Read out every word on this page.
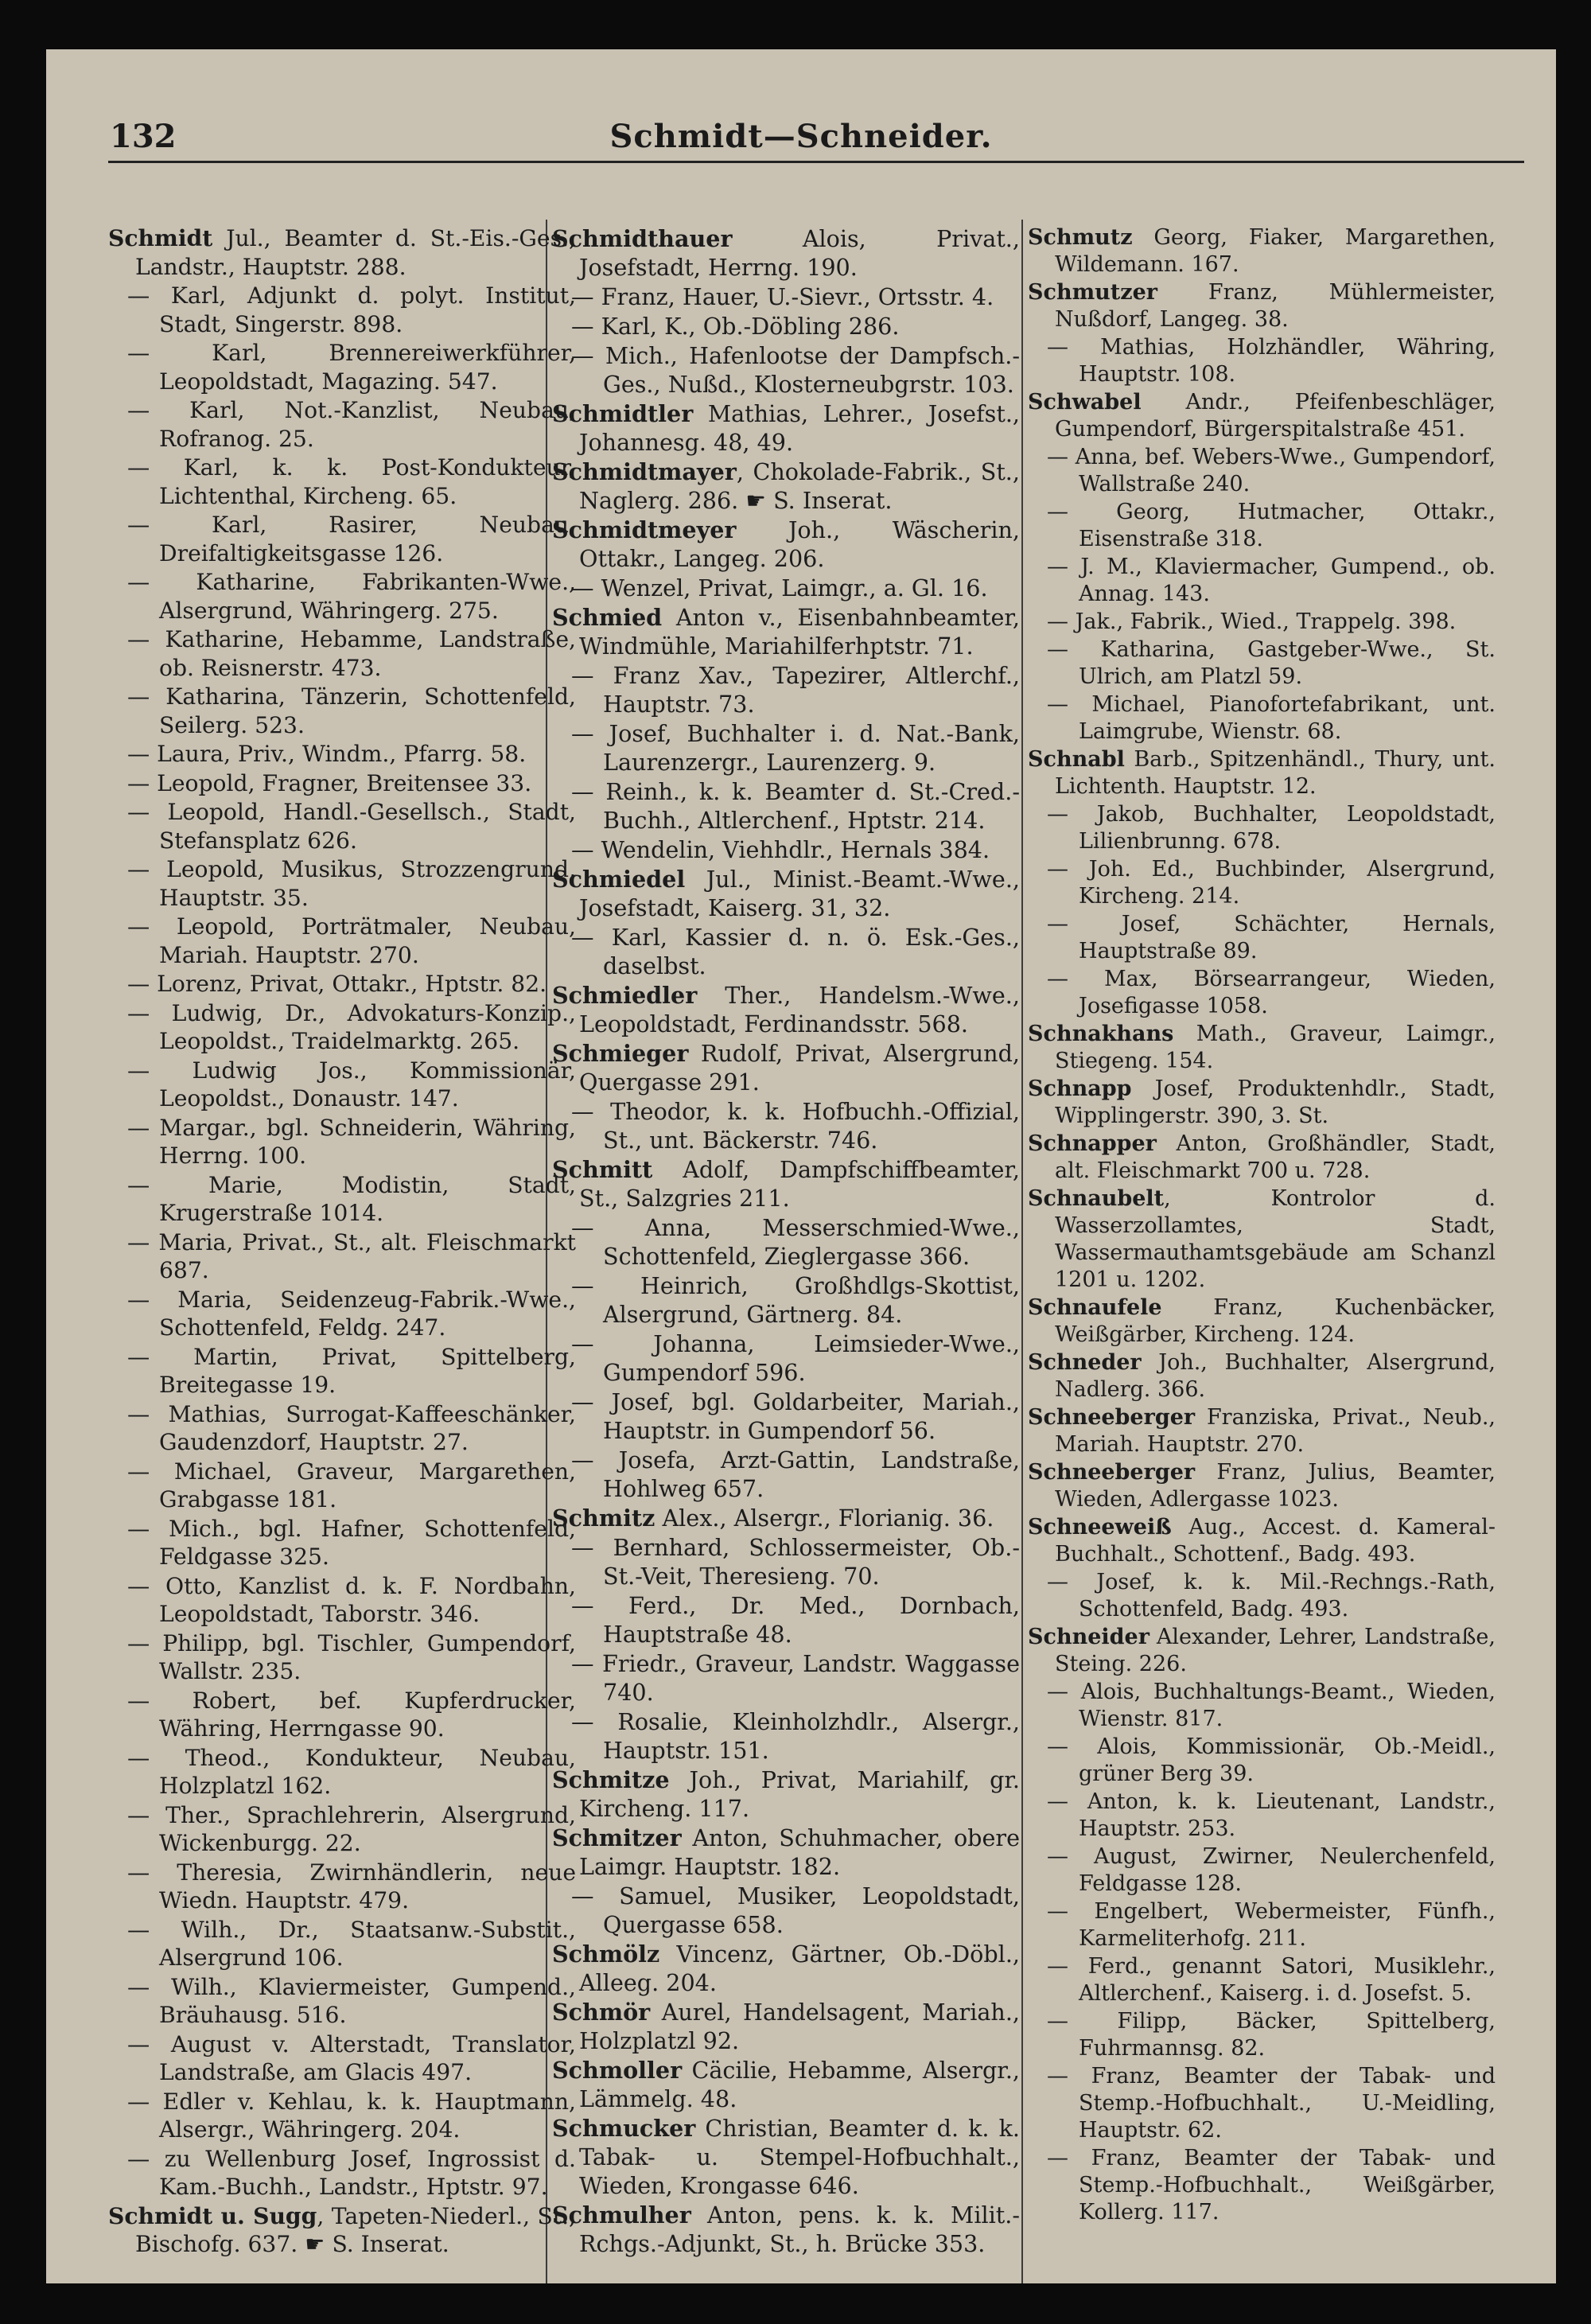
132	Schmidt—Schneider.

Schmidt Jul., Beamter d. St.-Eis.-Ges., Landstr., Hauptstr. 288.

— Karl, Adjunkt d. polyt. Institut, Stadt, Singerstr. 898.

— Karl, Brennereiwerkführer, Leopoldstadt, Magazing. 547.

— Karl, Not.-Kanzlist, Neubau, Rofranog. 25.

— Karl, k. k. Post-Kondukteur, Lichtenthal, Kircheng. 65.

— Karl, Rasirer, Neubau, Dreifaltigkeitsgasse 126.

— Katharine, Fabrikanten-Wwe., Alsergrund, Währingerg. 275.

— Katharine, Hebamme, Landstraße, ob. Reisnerstr. 473.

— Katharina, Tänzerin, Schottenfeld, Seilerg. 523.

— Laura, Priv., Windm., Pfarrg. 58.

— Leopold, Fragner, Breitensee 33.

— Leopold, Handl.-Gesellsch., Stadt, Stefansplatz 626.

— Leopold, Musikus, Strozzengrund, Hauptstr. 35.

— Leopold, Porträtmaler, Neubau, Mariah. Hauptstr. 270.

— Lorenz, Privat, Ottakr., Hptstr. 82.

— Ludwig, Dr., Advokaturs-Konzip., Leopoldst., Traidelmarktg. 265.

— Ludwig Jos., Kommissionär, Leopoldst., Donaustr. 147.

— Margar., bgl. Schneiderin, Währing, Herrng. 100.

— Marie, Modistin, Stadt, Krugerstraße 1014.

— Maria, Privat., St., alt. Fleischmarkt 687.

— Maria, Seidenzeug-Fabrik.-Wwe., Schottenfeld, Feldg. 247.

— Martin, Privat, Spittelberg, Breitegasse 19.

— Mathias, Surrogat-Kaffeeschänker, Gaudenzdorf, Hauptstr. 27.

— Michael, Graveur, Margarethen, Grabgasse 181.

— Mich., bgl. Hafner, Schottenfeld, Feldgasse 325.

— Otto, Kanzlist d. k. F. Nordbahn, Leopoldstadt, Taborstr. 346.

— Philipp, bgl. Tischler, Gumpendorf, Wallstr. 235.

— Robert, bef. Kupferdrucker, Währing, Herrngasse 90.

— Theod., Kondukteur, Neubau, Holzplatzl 162.

— Ther., Sprachlehrerin, Alsergrund, Wickenburgg. 22.

— Theresia, Zwirnhändlerin, neue Wiedn. Hauptstr. 479.

— Wilh., Dr., Staatsanw.-Substit., Alsergrund 106.

— Wilh., Klaviermeister, Gumpend., Bräuhausg. 516.

— August v. Alterstadt, Translator, Landstraße, am Glacis 497.

— Edler v. Kehlau, k. k. Hauptmann, Alsergr., Währingerg. 204.

— zu Wellenburg Josef, Ingrossist d. Kam.-Buchh., Landstr., Hptstr. 97.

Schmidt u. Sugg, Tapeten-Niederl., St., Bischofg. 637. ☛ S. Inserat.

Schmidthauer Alois, Privat., Josefstadt, Herrng. 190.

— Franz, Hauer, U.-Sievr., Ortsstr. 4.

— Karl, K., Ob.-Döbling 286.

— Mich., Hafenlootse der Dampfsch.-Ges., Nußd., Klosterneubgrstr. 103.

Schmidtler Mathias, Lehrer., Josefst., Johannesg. 48, 49.

Schmidtmayer, Chokolade-Fabrik., St., Naglerg. 286. ☛ S. Inserat.

Schmidtmeyer Joh., Wäscherin, Ottakr., Langeg. 206.

— Wenzel, Privat, Laimgr., a. Gl. 16.

Schmied Anton v., Eisenbahnbeamter, Windmühle, Mariahilferhptstr. 71.

— Franz Xav., Tapezirer, Altlerchf., Hauptstr. 73.

— Josef, Buchhalter i. d. Nat.-Bank, Laurenzergr., Laurenzerg. 9.

— Reinh., k. k. Beamter d. St.-Cred.-Buchh., Altlerchenf., Hptstr. 214.

— Wendelin, Viehhdlr., Hernals 384.

Schmiedel Jul., Minist.-Beamt.-Wwe., Josefstadt, Kaiserg. 31, 32.

— Karl, Kassier d. n. ö. Esk.-Ges., daselbst.

Schmiedler Ther., Handelsm.-Wwe., Leopoldstadt, Ferdinandsstr. 568.

Schmieger Rudolf, Privat, Alsergrund, Quergasse 291.

— Theodor, k. k. Hofbuchh.-Offizial, St., unt. Bäckerstr. 746.

Schmitt Adolf, Dampfschiffbeamter, St., Salzgries 211.

— Anna, Messerschmied-Wwe., Schottenfeld, Zieglergasse 366.

— Heinrich, Großhdlgs-Skottist, Alsergrund, Gärtnerg. 84.

— Johanna, Leimsieder-Wwe., Gumpendorf 596.

— Josef, bgl. Goldarbeiter, Mariah., Hauptstr. in Gumpendorf 56.

— Josefa, Arzt-Gattin, Landstraße, Hohlweg 657.

Schmitz Alex., Alsergr., Florianig. 36.

— Bernhard, Schlossermeister, Ob.-St.-Veit, Theresieng. 70.

— Ferd., Dr. Med., Dornbach, Hauptstraße 48.

— Friedr., Graveur, Landstr. Waggasse 740.

— Rosalie, Kleinholzhdlr., Alsergr., Hauptstr. 151.

Schmitze Joh., Privat, Mariahilf, gr. Kircheng. 117.

Schmitzer Anton, Schuhmacher, obere Laimgr. Hauptstr. 182.

— Samuel, Musiker, Leopoldstadt, Quergasse 658.

Schmölz Vincenz, Gärtner, Ob.-Döbl., Alleeg. 204.

Schmör Aurel, Handelsagent, Mariah., Holzplatzl 92.

Schmoller Cäcilie, Hebamme, Alsergr., Lämmelg. 48.

Schmucker Christian, Beamter d. k. k. Tabak- u. Stempel-Hofbuchhalt., Wieden, Krongasse 646.

Schmulher Anton, pens. k. k. Milit.-Rchgs.-Adjunkt, St., h. Brücke 353.

Schmutz Georg, Fiaker, Margarethen, Wildemann. 167.

Schmutzer Franz, Mühlermeister, Nußdorf, Langeg. 38.

— Mathias, Holzhändler, Währing, Hauptstr. 108.

Schwabel Andr., Pfeifenbeschläger, Gumpendorf, Bürgerspitalstraße 451.

— Anna, bef. Webers-Wwe., Gumpendorf, Wallstraße 240.

— Georg, Hutmacher, Ottakr., Eisenstraße 318.

— J. M., Klaviermacher, Gumpend., ob. Annag. 143.

— Jak., Fabrik., Wied., Trappelg. 398.

— Katharina, Gastgeber-Wwe., St. Ulrich, am Platzl 59.

— Michael, Pianofortefabrikant, unt. Laimgrube, Wienstr. 68.

Schnabl Barb., Spitzenhändl., Thury, unt. Lichtenth. Hauptstr. 12.

— Jakob, Buchhalter, Leopoldstadt, Lilienbrunng. 678.

— Joh. Ed., Buchbinder, Alsergrund, Kircheng. 214.

— Josef, Schächter, Hernals, Hauptstraße 89.

— Max, Börsearrangeur, Wieden, Josefigasse 1058.

Schnakhans Math., Graveur, Laimgr., Stiegeng. 154.

Schnapp Josef, Produktenhdlr., Stadt, Wipplingerstr. 390, 3. St.

Schnapper Anton, Großhändler, Stadt, alt. Fleischmarkt 700 u. 728.

Schnaubelt, Kontrolor d. Wasserzollamtes, Stadt, Wassermauthamtsgebäude am Schanzl 1201 u. 1202.

Schnaufele Franz, Kuchenbäcker, Weißgärber, Kircheng. 124.

Schneder Joh., Buchhalter, Alsergrund, Nadlerg. 366.

Schneeberger Franziska, Privat., Neub., Mariah. Hauptstr. 270.

Schneeberger Franz, Julius, Beamter, Wieden, Adlergasse 1023.

Schneeweiß Aug., Accest. d. Kameral-Buchhalt., Schottenf., Badg. 493.

— Josef, k. k. Mil.-Rechngs.-Rath, Schottenfeld, Badg. 493.

Schneider Alexander, Lehrer, Landstraße, Steing. 226.

— Alois, Buchhaltungs-Beamt., Wieden, Wienstr. 817.

— Alois, Kommissionär, Ob.-Meidl., grüner Berg 39.

— Anton, k. k. Lieutenant, Landstr., Hauptstr. 253.

— August, Zwirner, Neulerchenfeld, Feldgasse 128.

— Engelbert, Webermeister, Fünfh., Karmeliterhofg. 211.

— Ferd., genannt Satori, Musiklehr., Altlerchenf., Kaiserg. i. d. Josefst. 5.

— Filipp, Bäcker, Spittelberg, Fuhrmannsg. 82.

— Franz, Beamter der Tabak- und Stemp.-Hofbuchhalt., U.-Meidling, Hauptstr. 62.

— Franz, Beamter der Tabak- und Stemp.-Hofbuchhalt., Weißgärber, Kollerg. 117.
